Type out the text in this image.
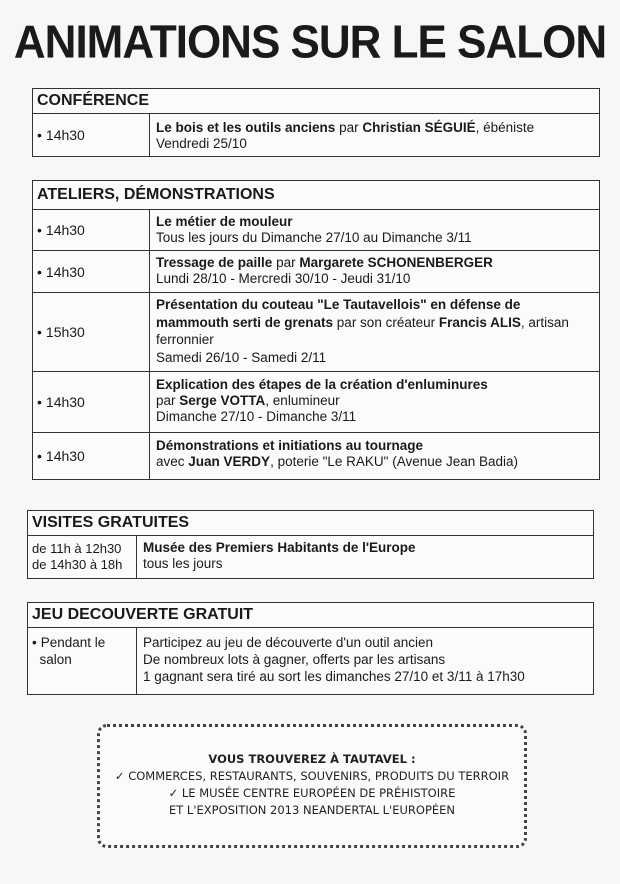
ANIMATIONS SUR LE SALON
CONFÉRENCE
• 14h30	Le bois et les outils anciens par Christian SÉGUIÉ, ébéniste
Vendredi 25/10
ATELIERS, DÉMONSTRATIONS
• 14h30
Le métier de mouleur
Tous les jours du Dimanche 27/10 au Dimanche 3/11
• 14h30
Tressage de paille par Margarete SCHONENBERGER
Lundi 28/10 - Mercredi 30/10 - Jeudi 31/10
• 15h30
Présentation du couteau "Le Tautavellois" en défense de mammouth serti de grenats par son créateur Francis ALIS, artisan ferronnier
Samedi 26/10 - Samedi 2/11
• 14h30
Explication des étapes de la création d'enluminures
par Serge VOTTA, enlumineur
Dimanche 27/10 - Dimanche 3/11
• 14h30
Démonstrations et initiations au tournage
avec Juan VERDY, poterie "Le RAKU" (Avenue Jean Badia)
VISITES GRATUITES
de 11h à 12h30
de 14h30 à 18h
Musée des Premiers Habitants de l'Europe
tous les jours
JEU DECOUVERTE GRATUIT
• Pendant le
salon
Participez au jeu de découverte d'un outil ancien
De nombreux lots à gagner, offerts par les artisans
1 gagnant sera tiré au sort les dimanches 27/10 et 3/11 à 17h30
VOUS TROUVEREZ À TAUTAVEL :
✓ COMMERCES, RESTAURANTS, SOUVENIRS, PRODUITS DU TERROIR
✓ LE MUSÉE CENTRE EUROPÉEN DE PRÉHISTOIRE
ET L'EXPOSITION 2013 NEANDERTAL L'EUROPÉEN
